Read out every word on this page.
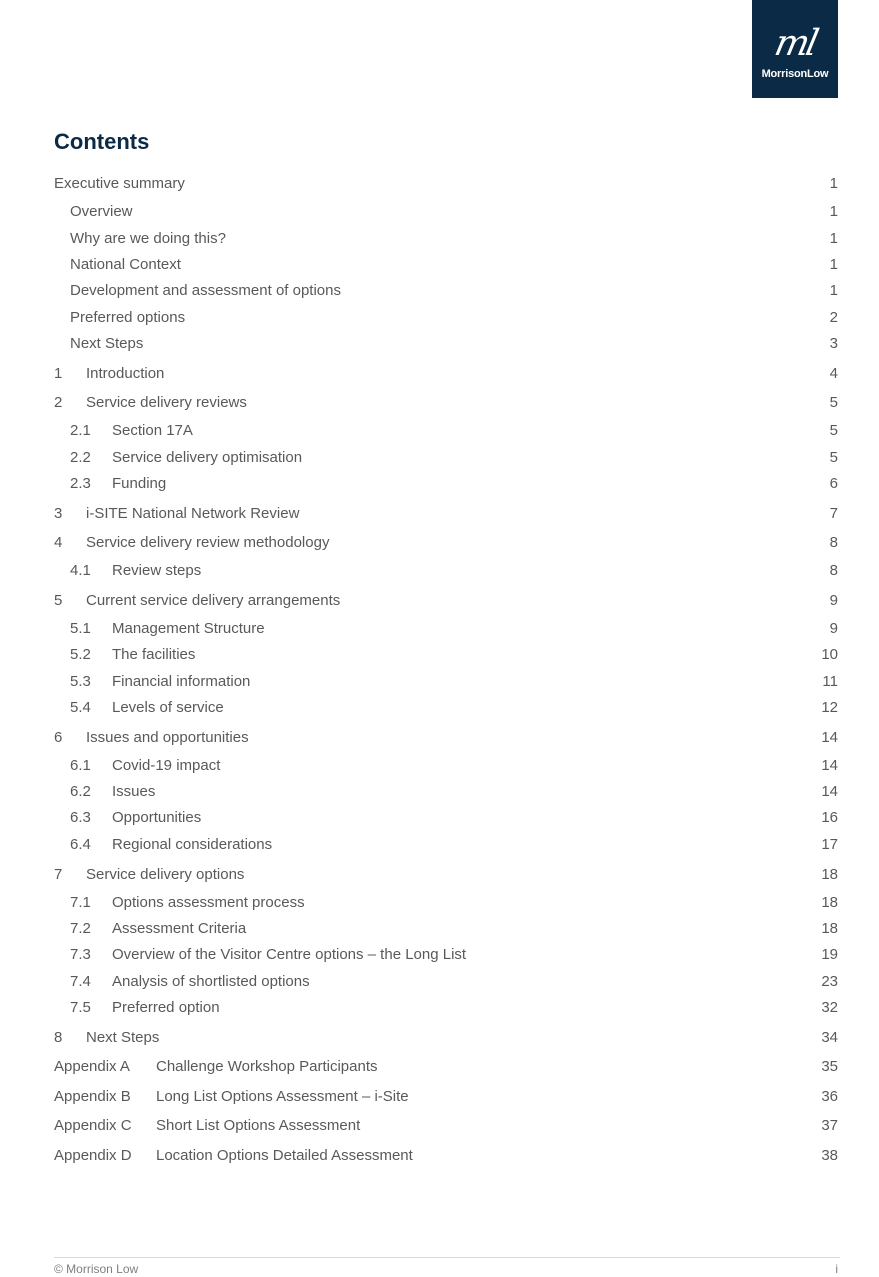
ml
MorrisonLow
Contents
Executive summary	1
Overview	1
Why are we doing this?	1
National Context	1
Development and assessment of options	1
Preferred options	2
Next Steps	3
1 Introduction	4
2 Service delivery reviews	5
2.1 Section 17A	5
2.2 Service delivery optimisation	5
2.3 Funding	6
3 i-SITE National Network Review	7
4 Service delivery review methodology	8
4.1 Review steps	8
5 Current service delivery arrangements	9
5.1 Management Structure	9
5.2 The facilities	10
5.3 Financial information	11
5.4 Levels of service	12
6 Issues and opportunities	14
6.1 Covid-19 impact	14
6.2 Issues	14
6.3 Opportunities	16
6.4 Regional considerations	17
7 Service delivery options	18
7.1 Options assessment process	18
7.2 Assessment Criteria	18
7.3 Overview of the Visitor Centre options – the Long List	19
7.4 Analysis of shortlisted options	23
7.5 Preferred option	32
8 Next Steps	34
Appendix A Challenge Workshop Participants	35
Appendix B Long List Options Assessment – i-Site	36
Appendix C Short List Options Assessment	37
Appendix D Location Options Detailed Assessment	38
© Morrison Low	i
